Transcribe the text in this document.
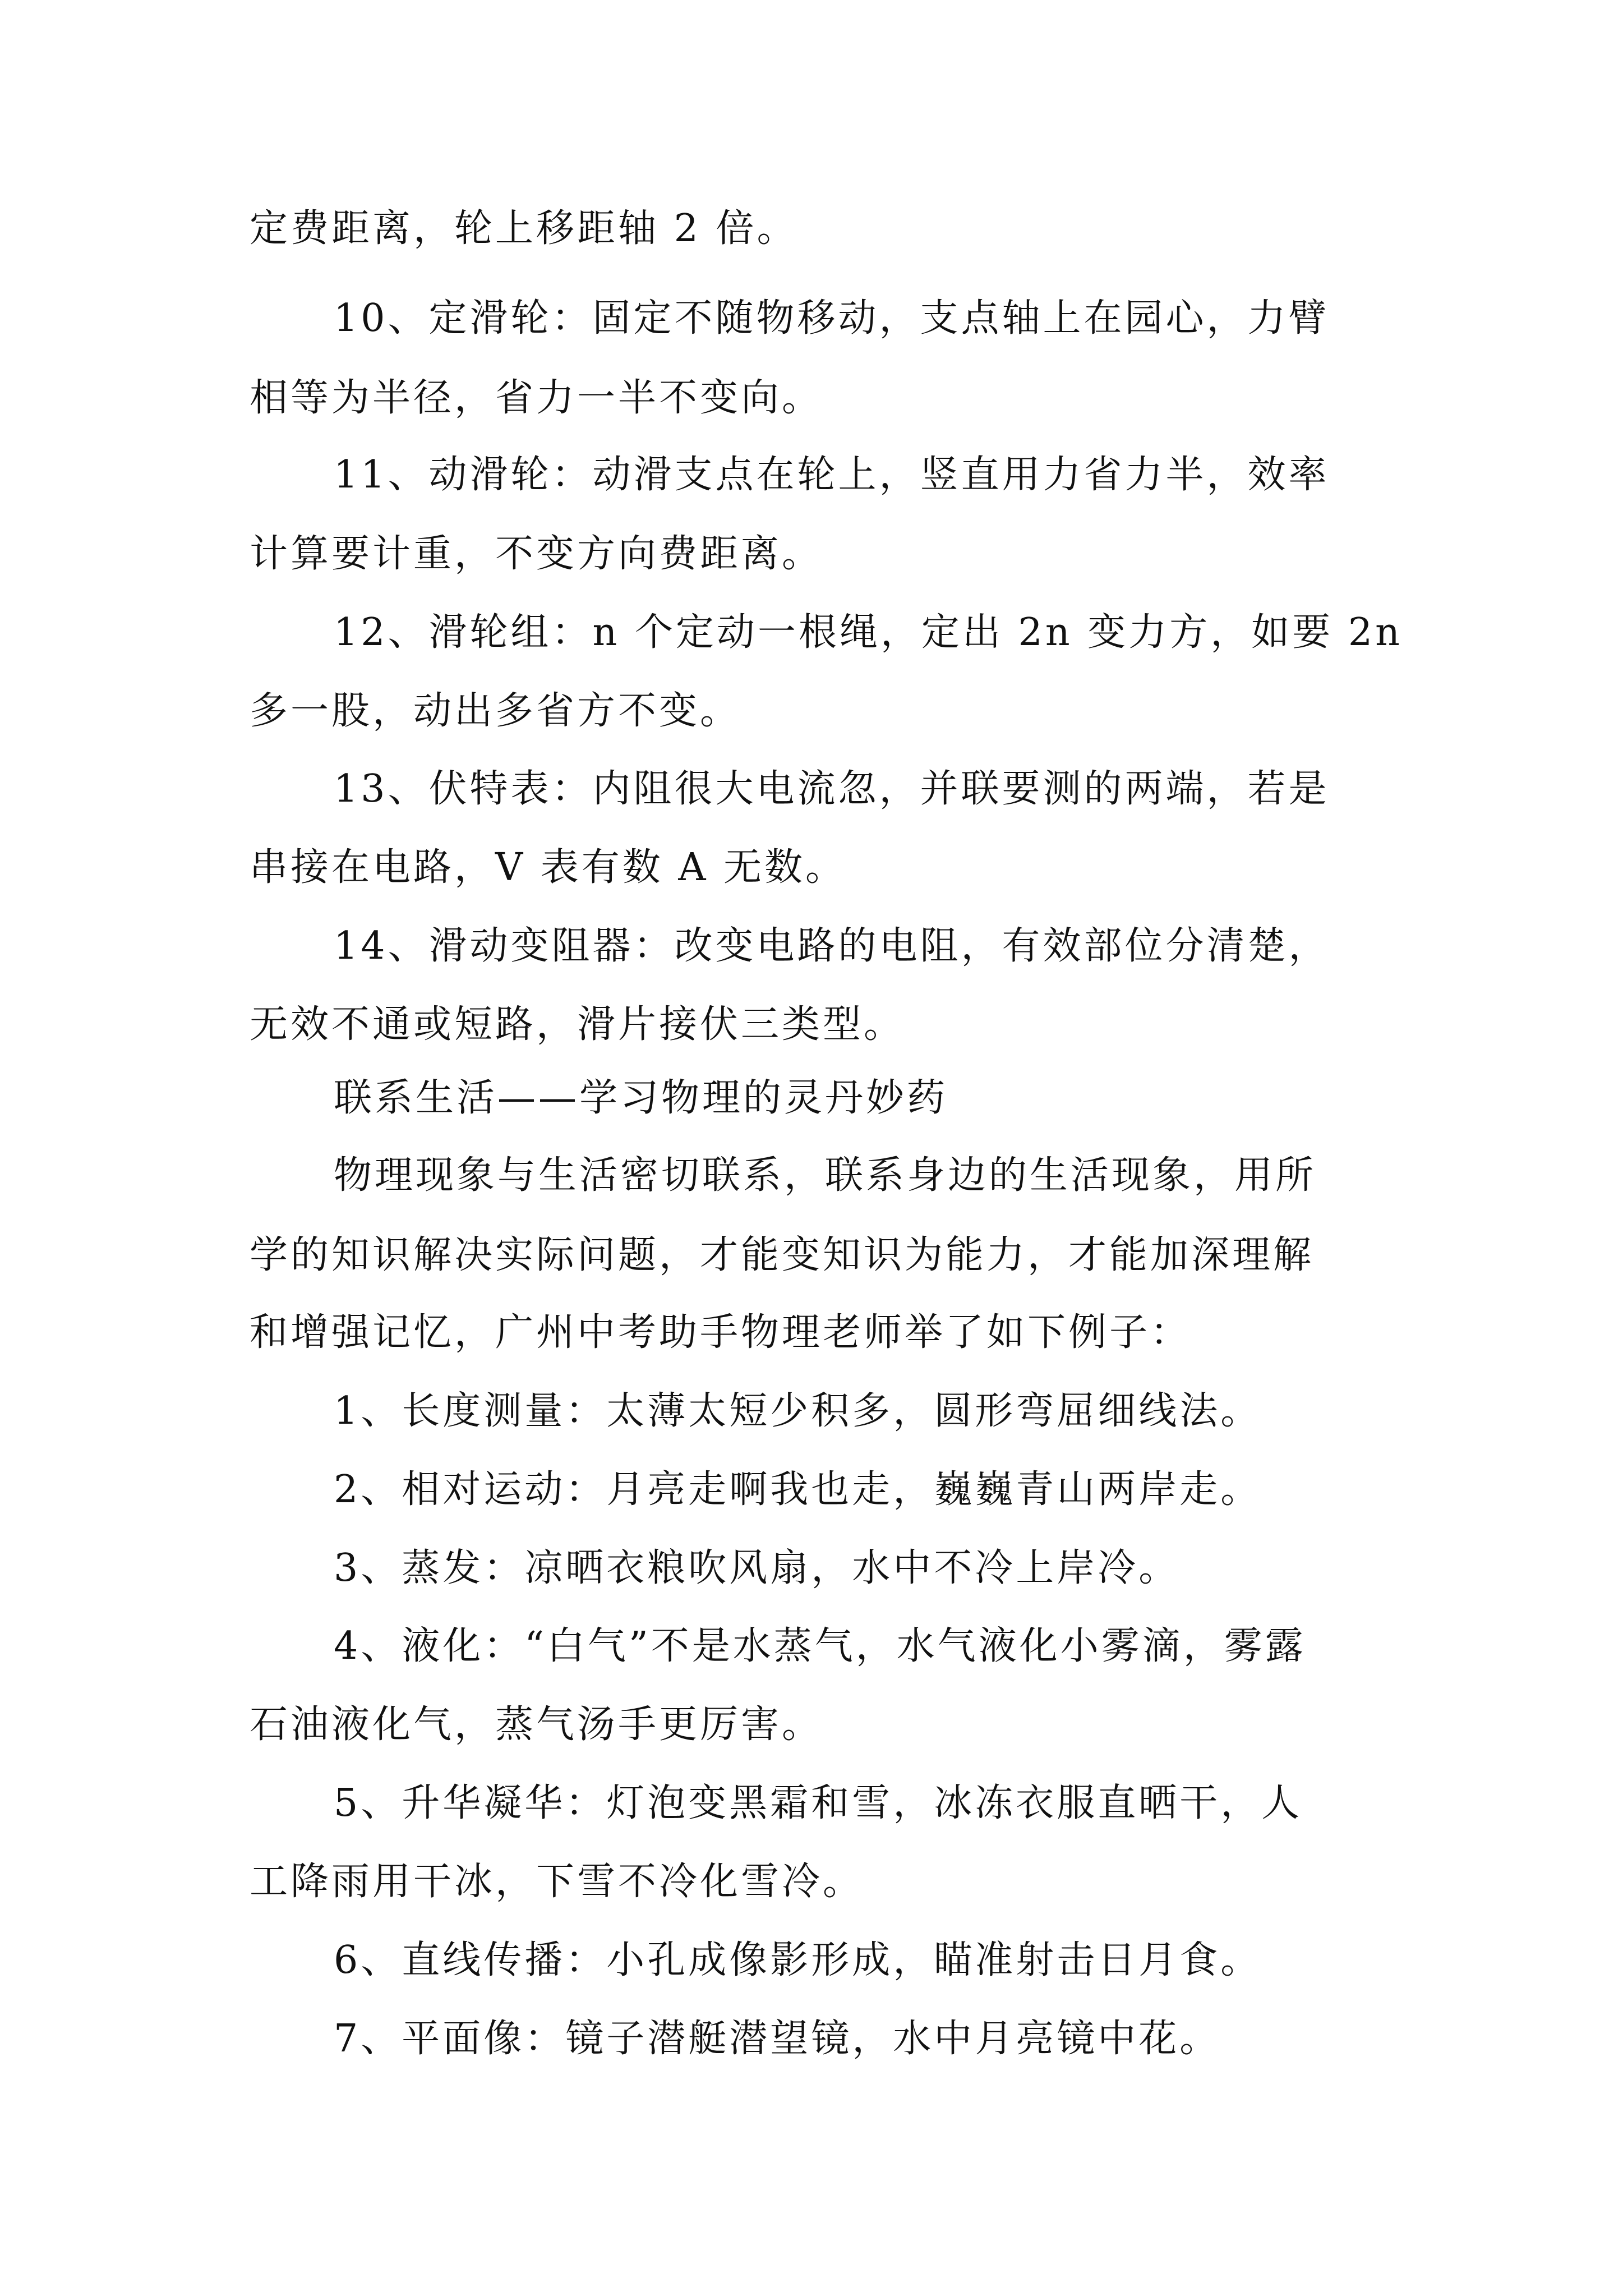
定费距离，轮上移距轴 2 倍。
10、定滑轮：固定不随物移动，支点轴上在园心，力臂
相等为半径，省力一半不变向。
11、动滑轮：动滑支点在轮上，竖直用力省力半，效率
计算要计重，不变方向费距离。
12、滑轮组：n 个定动一根绳，定出 2n 变力方，如要 2n
多一股，动出多省方不变。
13、伏特表：内阻很大电流忽，并联要测的两端，若是
串接在电路，V 表有数 A 无数。
14、滑动变阻器：改变电路的电阻，有效部位分清楚，
无效不通或短路，滑片接伏三类型。
联系生活——学习物理的灵丹妙药
物理现象与生活密切联系，联系身边的生活现象，用所
学的知识解决实际问题，才能变知识为能力，才能加深理解
和增强记忆，广州中考助手物理老师举了如下例子：
1、长度测量：太薄太短少积多，圆形弯屈细线法。
2、相对运动：月亮走啊我也走，巍巍青山两岸走。
3、蒸发：凉晒衣粮吹风扇，水中不冷上岸冷。
4、液化：“白气”不是水蒸气，水气液化小雾滴，雾露
石油液化气，蒸气汤手更厉害。
5、升华凝华：灯泡变黑霜和雪，冰冻衣服直晒干，人
工降雨用干冰，下雪不冷化雪冷。
6、直线传播：小孔成像影形成，瞄准射击日月食。
7、平面像：镜子潜艇潜望镜，水中月亮镜中花。
